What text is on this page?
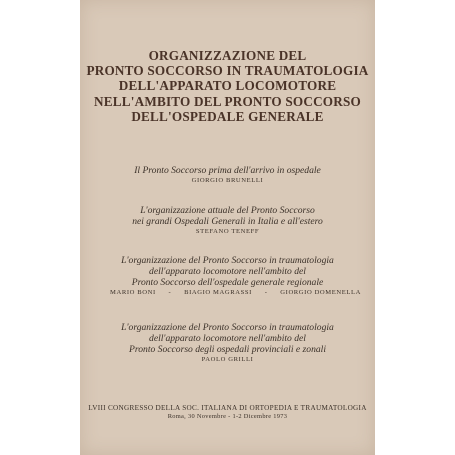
ORGANIZZAZIONE DEL
PRONTO SOCCORSO IN TRAUMATOLOGIA
DELL'APPARATO LOCOMOTORE
NELL'AMBITO DEL PRONTO SOCCORSO
DELL'OSPEDALE GENERALE
Il Pronto Soccorso prima dell'arrivo in ospedale
GIORGIO BRUNELLI
L'organizzazione attuale del Pronto Soccorso
nei grandi Ospedali Generali in Italia e all'estero
STEFANO TENEFF
L'organizzazione del Pronto Soccorso in traumatologia
dell'apparato locomotore nell'ambito del
Pronto Soccorso dell'ospedale generale regionale
MARIO BONI - BIAGIO MAGRASSI - GIORGIO DOMENELLA
L'organizzazione del Pronto Soccorso in traumatologia
dell'apparato locomotore nell'ambito del
Pronto Soccorso degli ospedali provinciali e zonali
PAOLO GRILLI
LVIII CONGRESSO DELLA SOC. ITALIANA DI ORTOPEDIA E TRAUMATOLOGIA
Roma, 30 Novembre - 1-2 Dicembre 1973
